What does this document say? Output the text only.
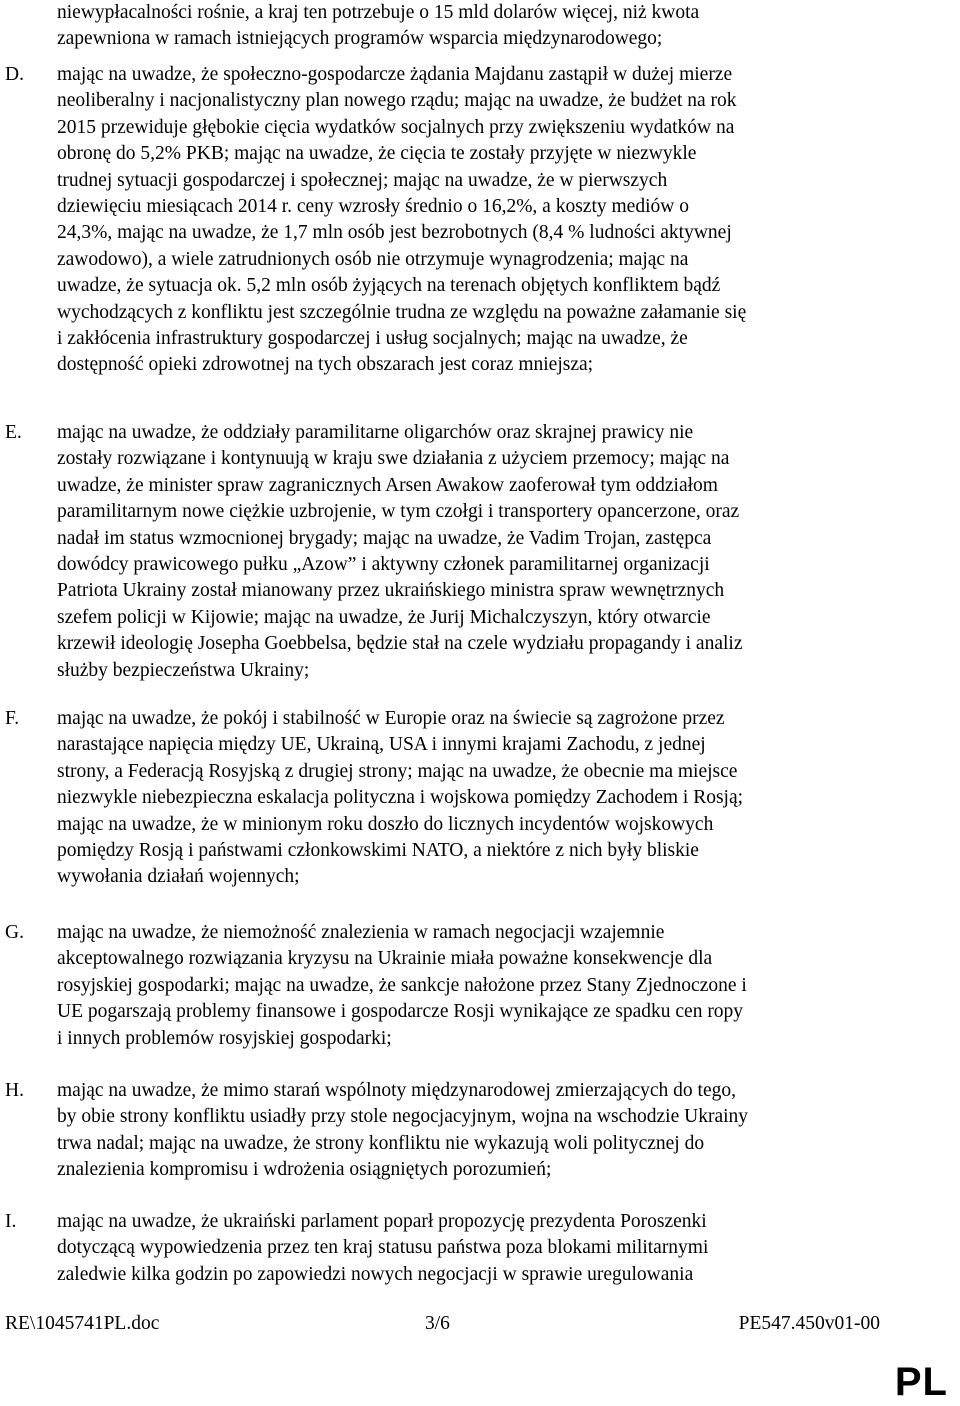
niewypłacalności rośnie, a kraj ten potrzebuje o 15 mld dolarów więcej, niż kwota
zapewniona w ramach istniejących programów wsparcia międzynarodowego;
D. mając na uwadze, że społeczno-gospodarcze żądania Majdanu zastąpił w dużej mierze
neoliberalny i nacjonalistyczny plan nowego rządu; mając na uwadze, że budżet na rok
2015 przewiduje głębokie cięcia wydatków socjalnych przy zwiększeniu wydatków na
obronę do 5,2% PKB; mając na uwadze, że cięcia te zostały przyjęte w niezwykle
trudnej sytuacji gospodarczej i społecznej; mając na uwadze, że w pierwszych
dziewięciu miesiącach 2014 r. ceny wzrosły średnio o 16,2%, a koszty mediów o
24,3%, mając na uwadze, że 1,7 mln osób jest bezrobotnych (8,4 % ludności aktywnej
zawodowo), a wiele zatrudnionych osób nie otrzymuje wynagrodzenia; mając na
uwadze, że sytuacja ok. 5,2 mln osób żyjących na terenach objętych konfliktem bądź
wychodzących z konfliktu jest szczególnie trudna ze względu na poważne załamanie się
i zakłócenia infrastruktury gospodarczej i usług socjalnych; mając na uwadze, że
dostępność opieki zdrowotnej na tych obszarach jest coraz mniejsza;
E. mając na uwadze, że oddziały paramilitarne oligarchów oraz skrajnej prawicy nie
zostały rozwiązane i kontynuują w kraju swe działania z użyciem przemocy; mając na
uwadze, że minister spraw zagranicznych Arsen Awakow zaoferował tym oddziałom
paramilitarnym nowe ciężkie uzbrojenie, w tym czołgi i transportery opancerzone, oraz
nadał im status wzmocnionej brygady; mając na uwadze, że Vadim Trojan, zastępca
dowódcy prawicowego pułku „Azow” i aktywny członek paramilitarnej organizacji
Patriota Ukrainy został mianowany przez ukraińskiego ministra spraw wewnętrznych
szefem policji w Kijowie; mając na uwadze, że Jurij Michalczyszyn, który otwarcie
krzewił ideologię Josepha Goebbelsa, będzie stał na czele wydziału propagandy i analiz
służby bezpieczeństwa Ukrainy;
F. mając na uwadze, że pokój i stabilność w Europie oraz na świecie są zagrożone przez
narastające napięcia między UE, Ukrainą, USA i innymi krajami Zachodu, z jednej
strony, a Federacją Rosyjską z drugiej strony; mając na uwadze, że obecnie ma miejsce
niezwykle niebezpieczna eskalacja polityczna i wojskowa pomiędzy Zachodem i Rosją;
mając na uwadze, że w minionym roku doszło do licznych incydentów wojskowych
pomiędzy Rosją i państwami członkowskimi NATO, a niektóre z nich były bliskie
wywołania działań wojennych;
G. mając na uwadze, że niemożność znalezienia w ramach negocjacji wzajemnie
akceptowalnego rozwiązania kryzysu na Ukrainie miała poważne konsekwencje dla
rosyjskiej gospodarki; mając na uwadze, że sankcje nałożone przez Stany Zjednoczone i
UE pogarszają problemy finansowe i gospodarcze Rosji wynikające ze spadku cen ropy
i innych problemów rosyjskiej gospodarki;
H. mając na uwadze, że mimo starań wspólnoty międzynarodowej zmierzających do tego,
by obie strony konfliktu usiadły przy stole negocjacyjnym, wojna na wschodzie Ukrainy
trwa nadal; mając na uwadze, że strony konfliktu nie wykazują woli politycznej do
znalezienia kompromisu i wdrożenia osiągniętych porozumień;
I. mając na uwadze, że ukraiński parlament poparł propozycję prezydenta Poroszenki
dotyczącą wypowiedzenia przez ten kraj statusu państwa poza blokami militarnymi
zaledwie kilka godzin po zapowiedzi nowych negocjacji w sprawie uregulowania
RE\1045741PL.doc	3/6	PE547.450v01-00
PL
